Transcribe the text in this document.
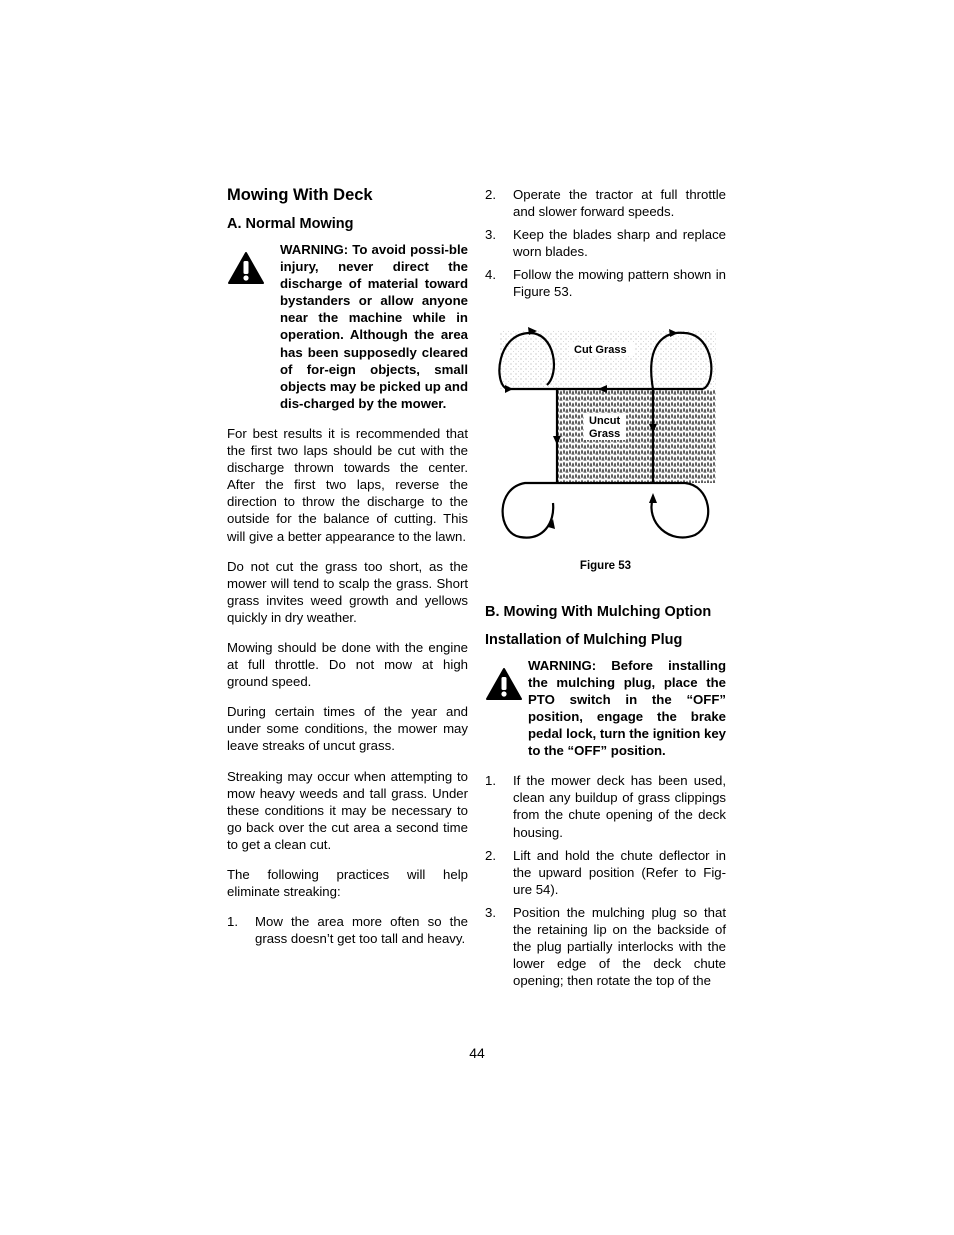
Mowing With Deck
A. Normal Mowing
WARNING: To avoid possi-ble injury, never direct the discharge of material toward bystanders or allow anyone near the machine while in operation. Although the area has been supposedly cleared of for-eign objects, small objects may be picked up and dis-charged by the mower.

For best results it is recommended that the first two laps should be cut with the discharge thrown towards the center. After the first two laps, reverse the direction to throw the discharge to the outside for the balance of cutting. This will give a better appearance to the lawn.

Do not cut the grass too short, as the mower will tend to scalp the grass. Short grass invites weed growth and yellows quickly in dry weather.

Mowing should be done with the engine at full throttle. Do not mow at high ground speed.

During certain times of the year and under some conditions, the mower may leave streaks of uncut grass.

Streaking may occur when attempting to mow heavy weeds and tall grass. Under these conditions it may be necessary to go back over the cut area a second time to get a clean cut.

The following practices will help eliminate streaking:

1.	Mow the area more often so the grass doesn’t get too tall and heavy.
2.	Operate the tractor at full throttle and slower forward speeds.
3.	Keep the blades sharp and replace worn blades.
4.	Follow the mowing pattern shown in Figure 53.
Cut Grass
Uncut
Grass
Figure 53
B. Mowing With Mulching Option
Installation of Mulching Plug
WARNING: Before installing the mulching plug, place the PTO switch in the “OFF” position, engage the brake pedal lock, turn the ignition key to the “OFF” position.
1.	If the mower deck has been used, clean any buildup of grass clippings from the chute opening of the deck housing.
2.	Lift and hold the chute deflector in the upward position (Refer to Fig-ure 54).
3.	Position the mulching plug so that the retaining lip on the backside of the plug partially interlocks with the lower edge of the deck chute opening; then rotate the top of the
44
